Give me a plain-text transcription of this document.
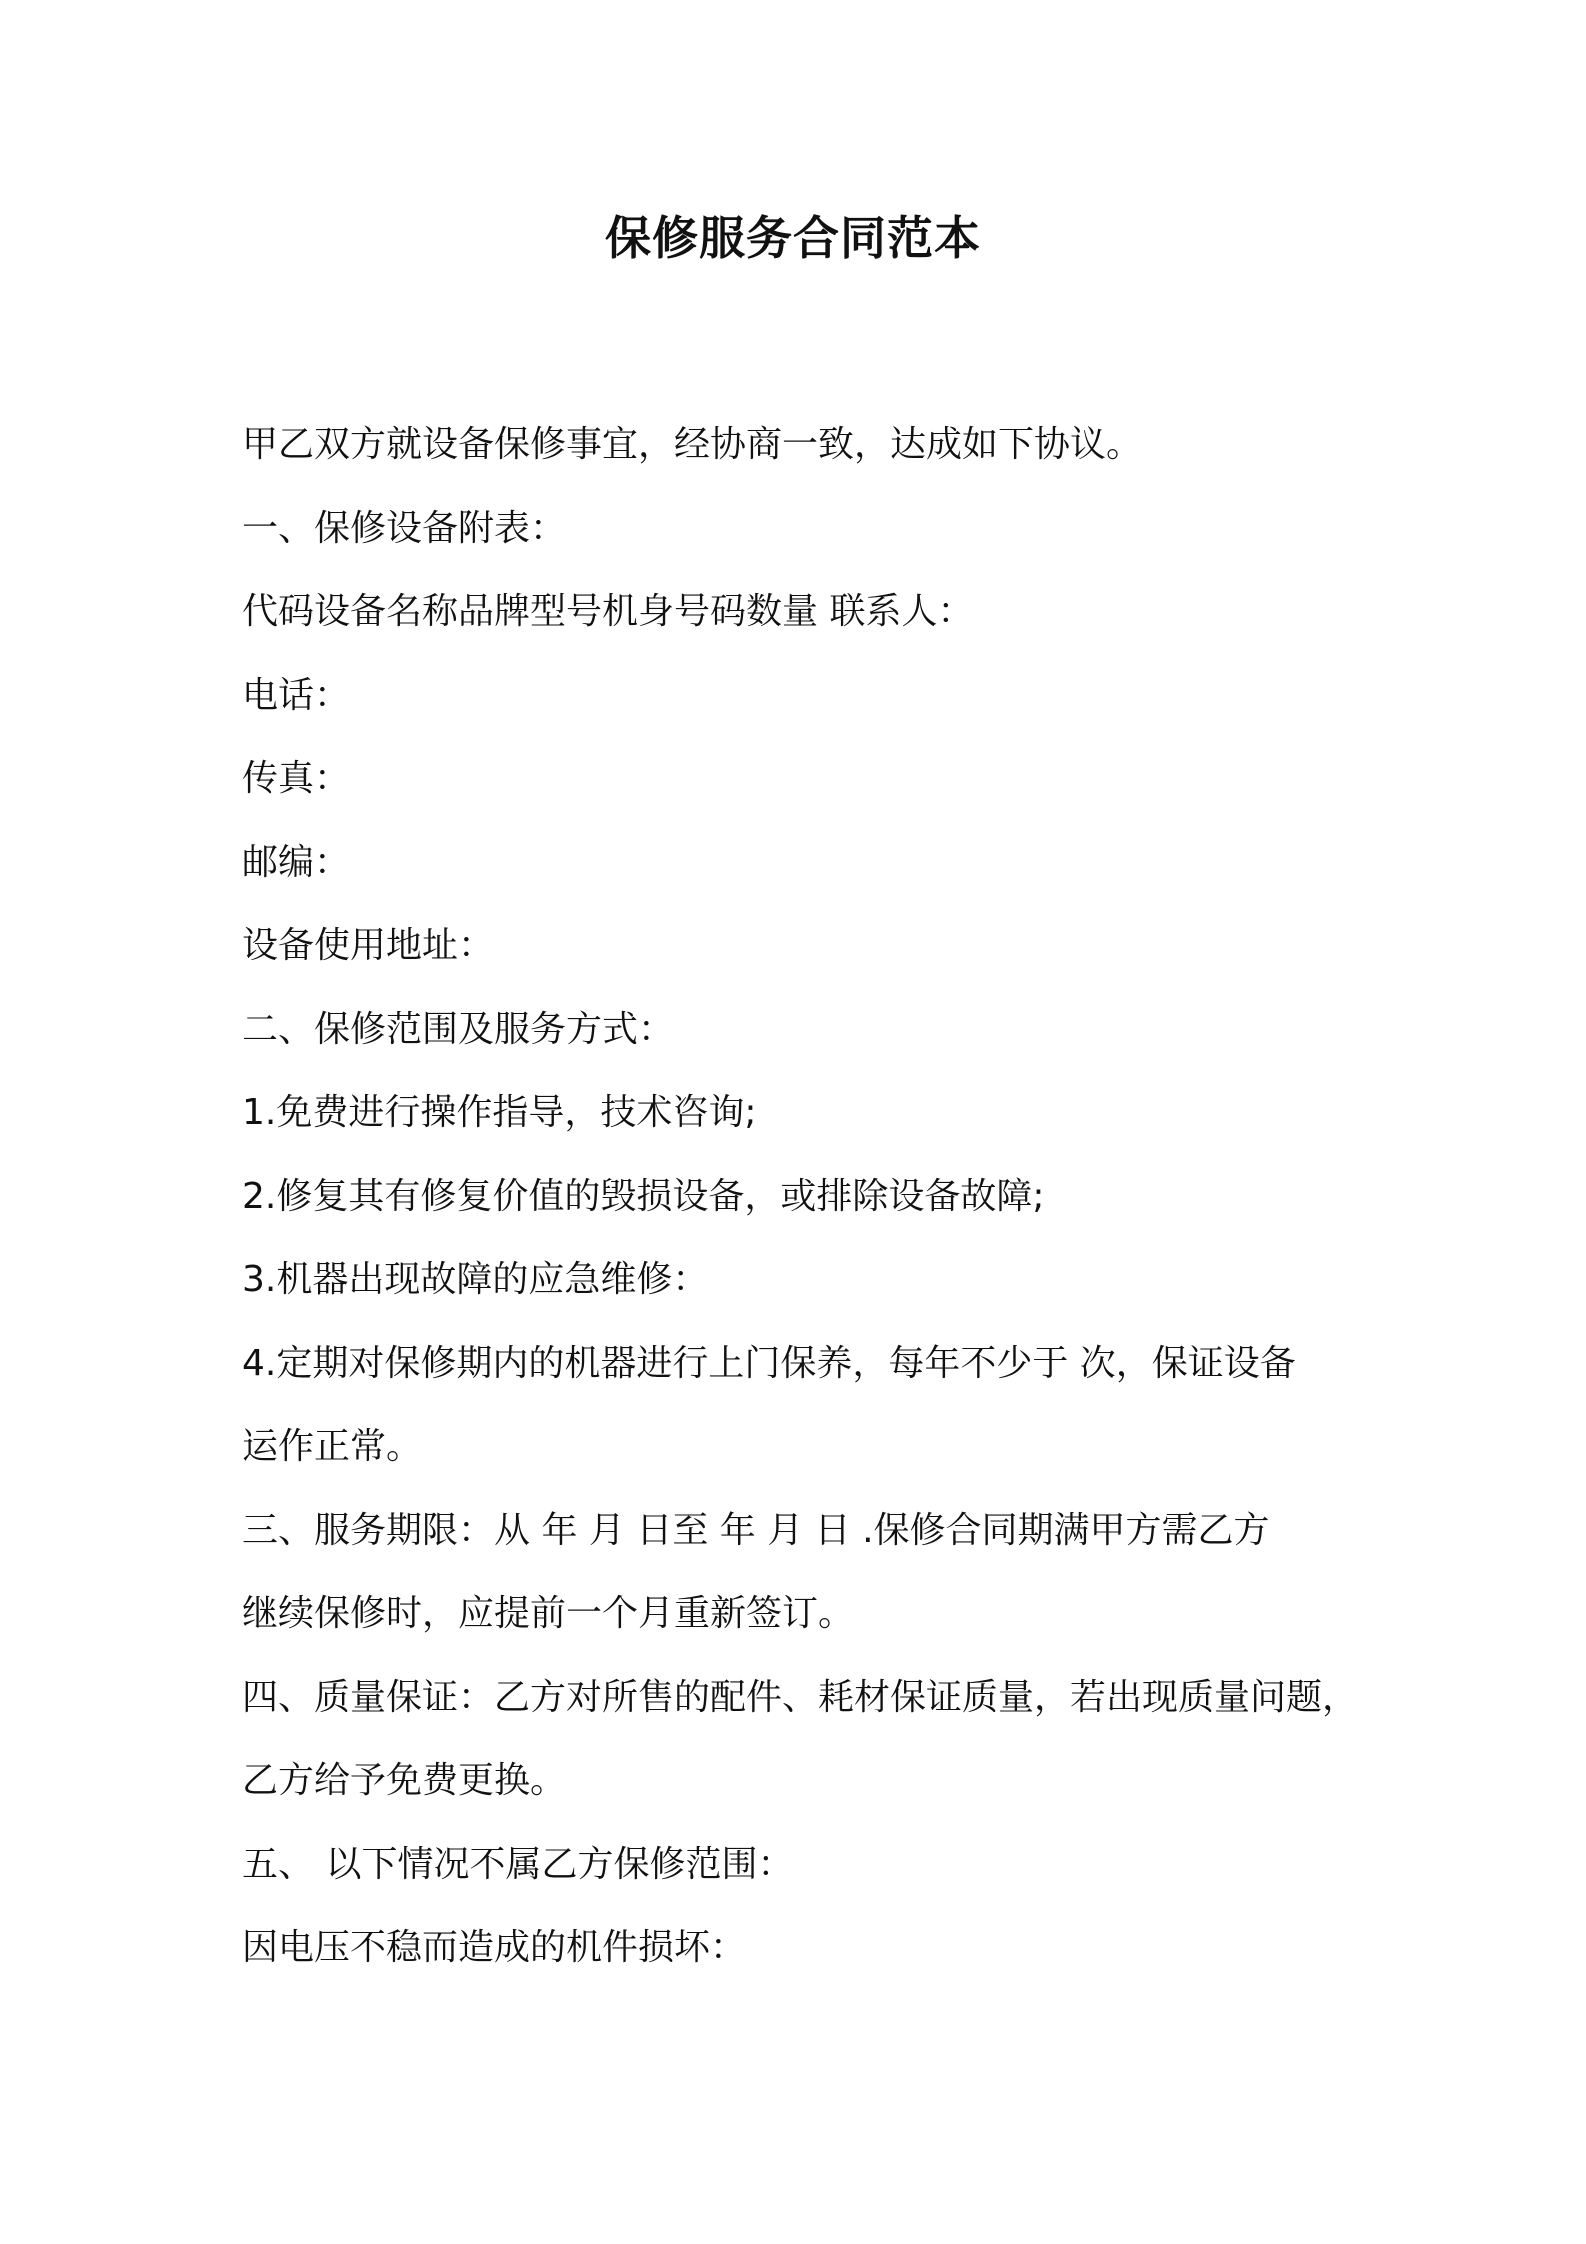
保修服务合同范本

甲乙双方就设备保修事宜，经协商一致，达成如下协议。

一、保修设备附表：

代码设备名称品牌型号机身号码数量 联系人：

电话：

传真：

邮编：

设备使用地址：

二、保修范围及服务方式：

1.免费进行操作指导，技术咨询;

2.修复其有修复价值的毁损设备，或排除设备故障;

3.机器出现故障的应急维修：

4.定期对保修期内的机器进行上门保养，每年不少于 次，保证设备

运作正常。

三、服务期限：从 年 月 日至 年 月 日 .保修合同期满甲方需乙方

继续保修时，应提前一个月重新签订。

四、质量保证：乙方对所售的配件、耗材保证质量，若出现质量问题，

乙方给予免费更换。

五、 以下情况不属乙方保修范围：

因电压不稳而造成的机件损坏：
